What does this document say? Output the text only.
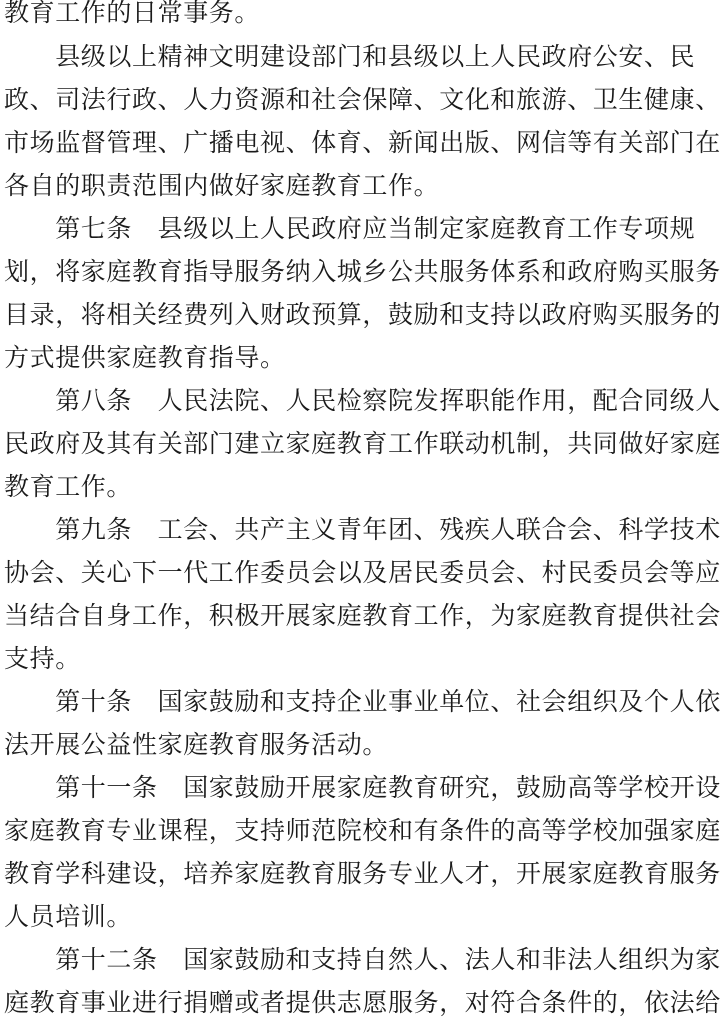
教育工作的日常事务。
　　县级以上精神文明建设部门和县级以上人民政府公安、民
政、司法行政、人力资源和社会保障、文化和旅游、卫生健康、
市场监督管理、广播电视、体育、新闻出版、网信等有关部门在
各自的职责范围内做好家庭教育工作。
　　第七条　县级以上人民政府应当制定家庭教育工作专项规
划，将家庭教育指导服务纳入城乡公共服务体系和政府购买服务
目录，将相关经费列入财政预算，鼓励和支持以政府购买服务的
方式提供家庭教育指导。
　　第八条　人民法院、人民检察院发挥职能作用，配合同级人
民政府及其有关部门建立家庭教育工作联动机制，共同做好家庭
教育工作。
　　第九条　工会、共产主义青年团、残疾人联合会、科学技术
协会、关心下一代工作委员会以及居民委员会、村民委员会等应
当结合自身工作，积极开展家庭教育工作，为家庭教育提供社会
支持。
　　第十条　国家鼓励和支持企业事业单位、社会组织及个人依
法开展公益性家庭教育服务活动。
　　第十一条　国家鼓励开展家庭教育研究，鼓励高等学校开设
家庭教育专业课程，支持师范院校和有条件的高等学校加强家庭
教育学科建设，培养家庭教育服务专业人才，开展家庭教育服务
人员培训。
　　第十二条　国家鼓励和支持自然人、法人和非法人组织为家
庭教育事业进行捐赠或者提供志愿服务，对符合条件的，依法给
